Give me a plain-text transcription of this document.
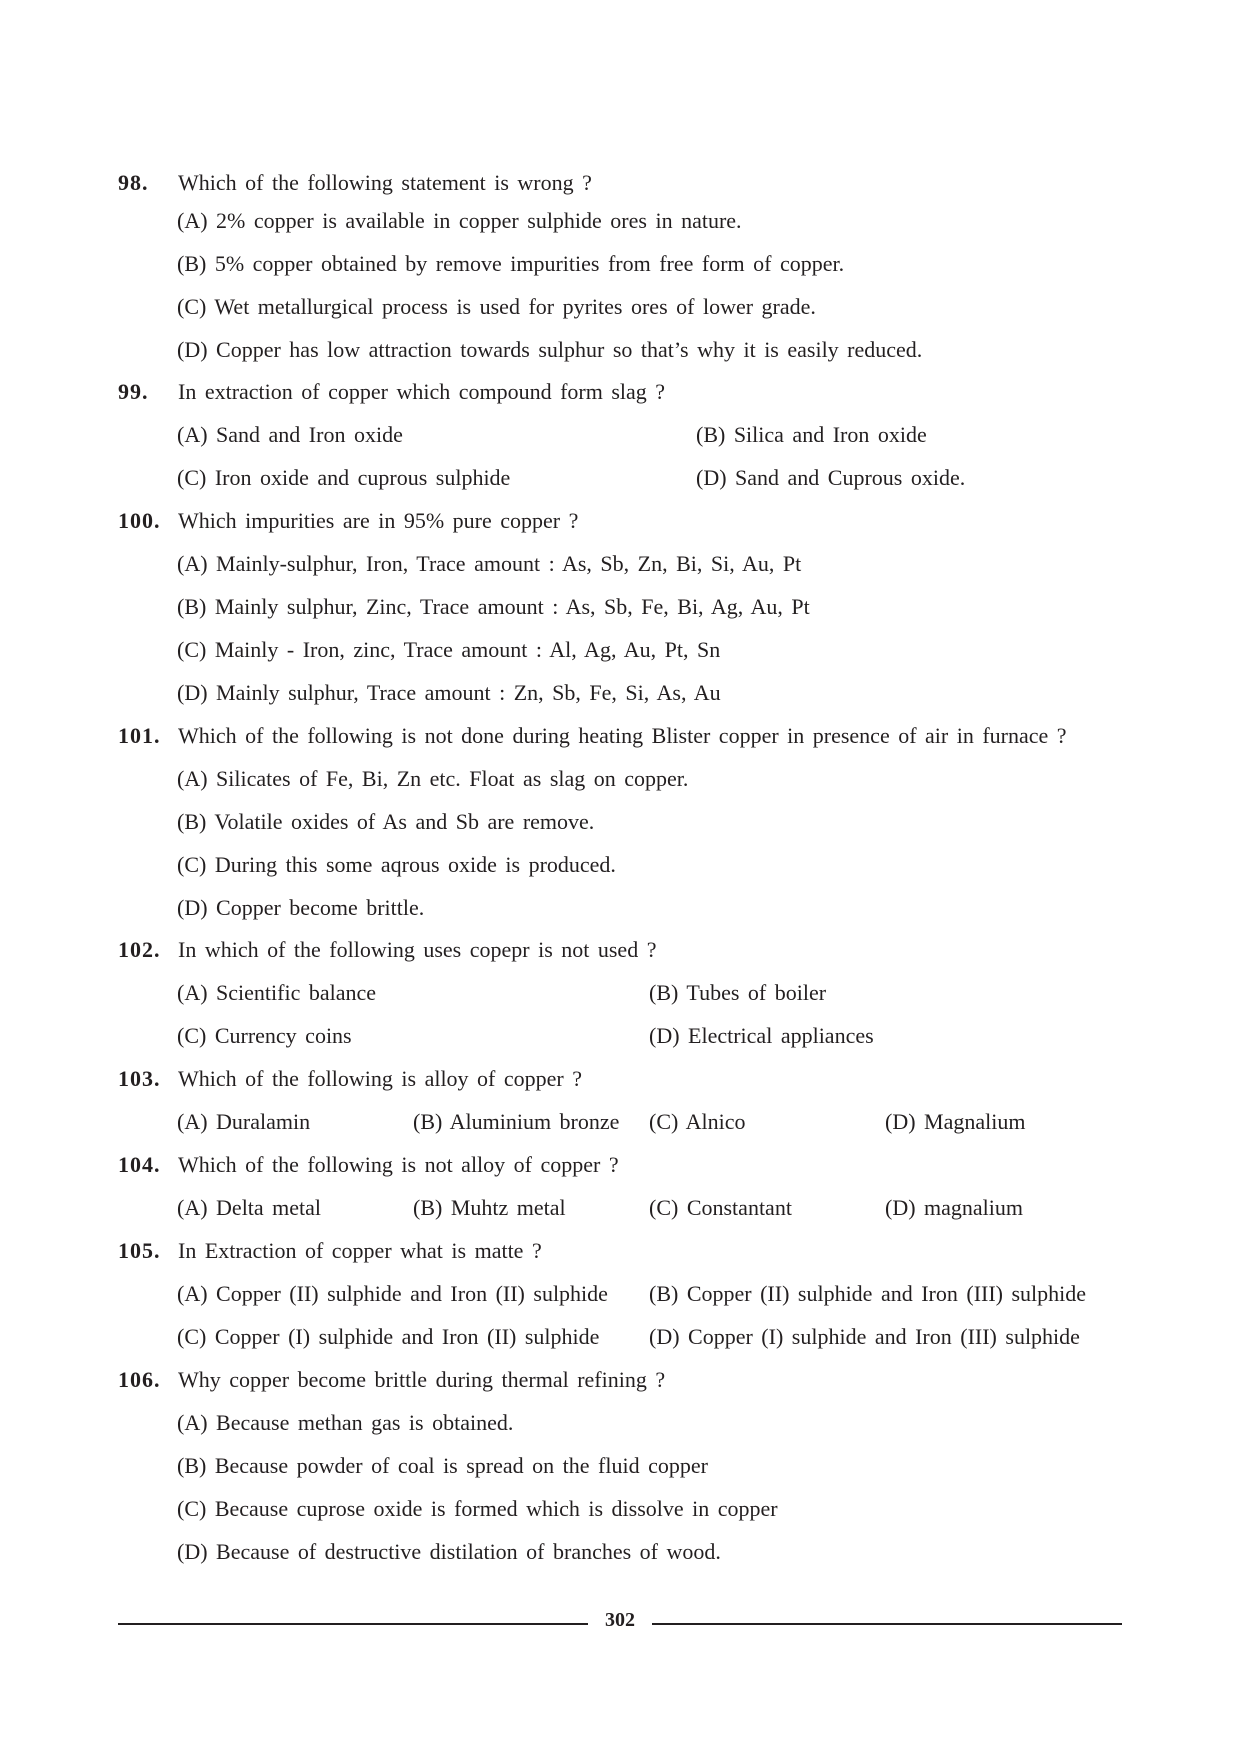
98. Which of the following statement is wrong ?
(A) 2% copper is available in copper sulphide ores in nature.
(B) 5% copper obtained by remove impurities from free form of copper.
(C) Wet metallurgical process is used for pyrites ores of lower grade.
(D) Copper has low attraction towards sulphur so that’s why it is easily reduced.
99. In extraction of copper which compound form slag ?
(A) Sand and Iron oxide	(B) Silica and Iron oxide
(C) Iron oxide and cuprous sulphide	(D) Sand and Cuprous oxide.
100. Which impurities are in 95% pure copper ?
(A) Mainly-sulphur, Iron, Trace amount : As, Sb, Zn, Bi, Si, Au, Pt
(B) Mainly sulphur, Zinc, Trace amount : As, Sb, Fe, Bi, Ag, Au, Pt
(C) Mainly - Iron, zinc, Trace amount : Al, Ag, Au, Pt, Sn
(D) Mainly sulphur, Trace amount : Zn, Sb, Fe, Si, As, Au
101. Which of the following is not done during heating Blister copper in presence of air in furnace ?
(A) Silicates of Fe, Bi, Zn etc. Float as slag on copper.
(B) Volatile oxides of As and Sb are remove.
(C) During this some aqrous oxide is produced.
(D) Copper become brittle.
102. In which of the following uses copepr is not used ?
(A) Scientific balance	(B) Tubes of boiler
(C) Currency coins	(D) Electrical appliances
103. Which of the following is alloy of copper ?
(A) Duralamin	(B) Aluminium bronze (C) Alnico	(D) Magnalium
104. Which of the following is not alloy of copper ?
(A) Delta metal	(B) Muhtz metal	(C) Constantant	(D) magnalium
105. In Extraction of copper what is matte ?
(A) Copper (II) sulphide and Iron (II) sulphide (B) Copper (II) sulphide and Iron (III) sulphide
(C) Copper (I) sulphide and Iron (II) sulphide (D) Copper (I) sulphide and Iron (III) sulphide
106. Why copper become brittle during thermal refining ?
(A) Because methan gas is obtained.
(B) Because powder of coal is spread on the fluid copper
(C) Because cuprose oxide is formed which is dissolve in copper
(D) Because of destructive distilation of branches of wood.
302
